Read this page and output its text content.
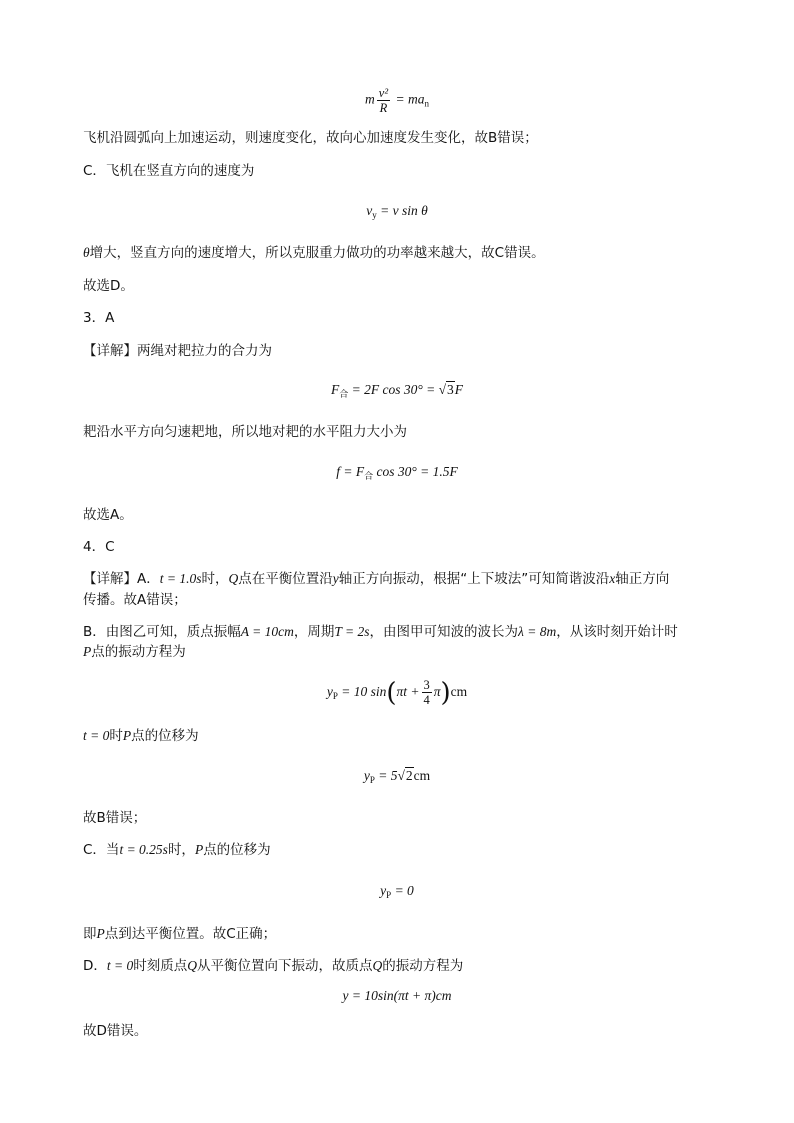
m $\frac{\text{v²}}{R} = ma_n$
飞机沿圆弧向上加速运动，则速度变化，故向心加速度发生变化，故B错误；
C．飞机在竖直方向的速度为
$v_y = v$ sin θ
θ增大，竖直方向的速度增大，所以克服重力做功的功率越来越大，故C错误。
故选D。
3．A
【详解】两绳对耙拉力的合力为
$F_合 = 2F$ cos 30° = √3F
耙沿水平方向匀速耙地，所以地对耙的水平阻力大小为
$f = F_合$ cos 30° = 1.5F
故选A。
4．C
【详解】A．t = 1.0s时，Q点在平衡位置沿y轴正方向振动，根据“上下坡法”可知简谐波沿x轴正方向
传播。故A错误；
B．由图乙可知，质点振幅A = 10cm，周期T = 2s，由图甲可知波的波长为λ = 8m，从该时刻开始计时
P点的振动方程为
$y_P = 10$ $\sin(\pi t + \frac{3}{4} \pi)cm$
t = 0时P点的位移为
$y_P = 5√2cm$
故B错误；
C．当t = 0.25s时，P点的位移为
$y_P = 0$
即P点到达平衡位置。故C正确；
D．t = 0时刻质点Q从平衡位置向下振动，故质点Q的振动方程为
y = 10sin(πt + π)cm
故D错误。
